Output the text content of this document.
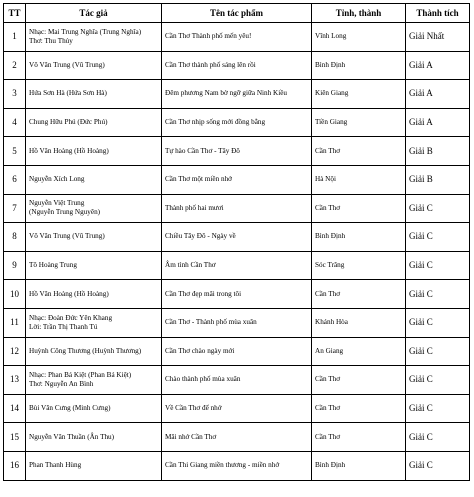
TT	Tác giả	Tên tác phẩm	Tỉnh, thành	Thành tích
1	Nhạc: Mai Trung Nghĩa (Trung Nghĩa)
Thơ: Thu Thủy	Cần Thơ Thành phố mến yêu!	Vĩnh Long	Giải Nhất
2	Võ Văn Trung (Vũ Trung)	Cần Thơ thành phố sáng lên rồi	Bình Định	Giải A
3	Hứa Sơn Hà (Hứa Sơn Hà)	Đêm phương Nam bờ ngỡ giữa Ninh Kiều	Kiên Giang	Giải A
4	Chung Hữu Phú (Đức Phú)	Cần Thơ nhịp sống mới đồng bằng	Tiền Giang	Giải A
5	Hồ Văn Hoàng (Hồ Hoàng)	Tự hào Cần Thơ - Tây Đô	Cần Thơ	Giải B
6	Nguyễn Xích Long	Cần Thơ một miền nhớ	Hà Nội	Giải B
7	Nguyễn Việt Trung
(Nguyễn Trung Nguyên)	Thành phố hai mươi	Cần Thơ	Giải C
8	Võ Văn Trung (Vũ Trung)	Chiều Tây Đô - Ngày về	Bình Định	Giải C
9	Tô Hoàng Trung	Âm tình Cần Thơ	Sóc Trăng	Giải C
10	Hồ Văn Hoàng (Hồ Hoàng)	Cần Thơ đẹp mãi trong tôi	Cần Thơ	Giải C
11	Nhạc: Đoàn Đức Yên Khang
Lời: Trần Thị Thanh Tú	Cần Thơ - Thành phố mùa xuân	Khánh Hòa	Giải C
12	Huỳnh Công Thương (Huỳnh Thương)	Cần Thơ chào ngày mới	An Giang	Giải C
13	Nhạc: Phan Bá Kiệt (Phan Bá Kiệt)
Thơ: Nguyễn An Bình	Chào thành phố mùa xuân	Cần Thơ	Giải C
14	Bùi Văn Cưng (Minh Cưng)	Về Cần Thơ để nhớ	Cần Thơ	Giải C
15	Nguyễn Văn Thuần (Ân Thu)	Mãi nhớ Cần Thơ	Cần Thơ	Giải C
16	Phan Thanh Hùng	Cần Thi Giang miền thương - miền nhớ	Bình Định	Giải C
